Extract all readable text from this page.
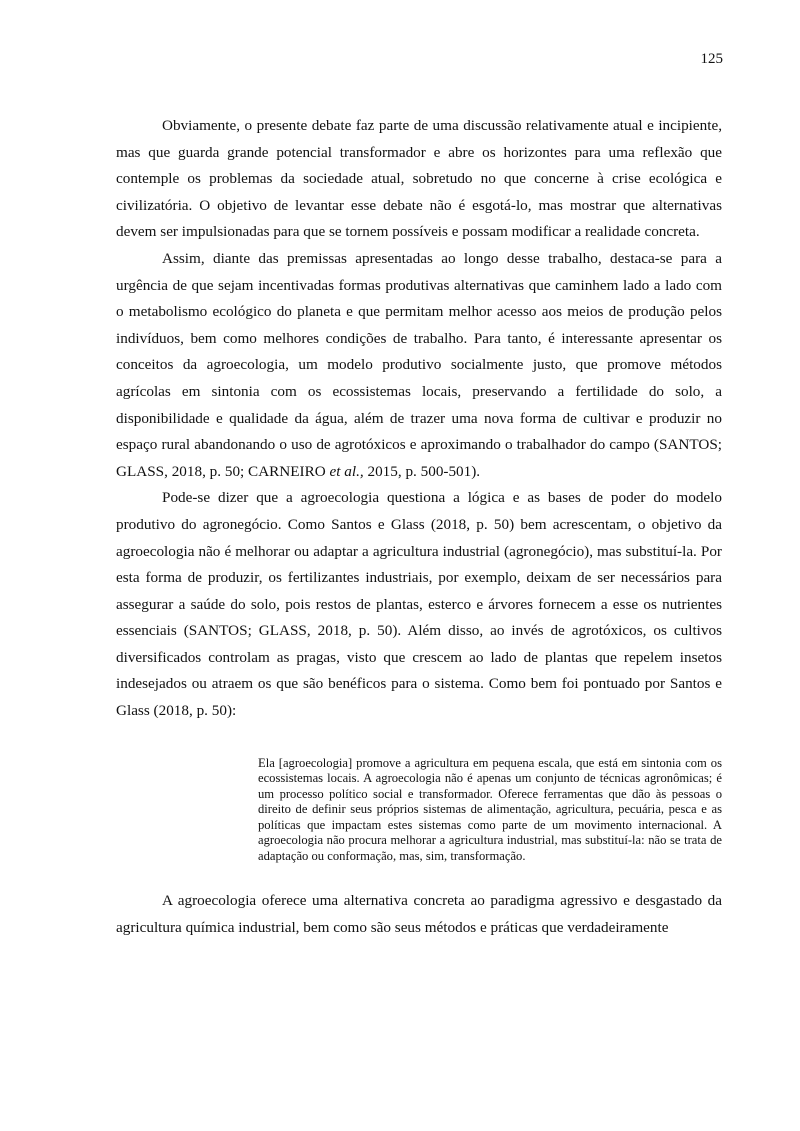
125

Obviamente, o presente debate faz parte de uma discussão relativamente atual e incipiente, mas que guarda grande potencial transformador e abre os horizontes para uma reflexão que contemple os problemas da sociedade atual, sobretudo no que concerne à crise ecológica e civilizatória. O objetivo de levantar esse debate não é esgotá-lo, mas mostrar que alternativas devem ser impulsionadas para que se tornem possíveis e possam modificar a realidade concreta.

Assim, diante das premissas apresentadas ao longo desse trabalho, destaca-se para a urgência de que sejam incentivadas formas produtivas alternativas que caminhem lado a lado com o metabolismo ecológico do planeta e que permitam melhor acesso aos meios de produção pelos indivíduos, bem como melhores condições de trabalho. Para tanto, é interessante apresentar os conceitos da agroecologia, um modelo produtivo socialmente justo, que promove métodos agrícolas em sintonia com os ecossistemas locais, preservando a fertilidade do solo, a disponibilidade e qualidade da água, além de trazer uma nova forma de cultivar e produzir no espaço rural abandonando o uso de agrotóxicos e aproximando o trabalhador do campo (SANTOS; GLASS, 2018, p. 50; CARNEIRO et al., 2015, p. 500-501).

Pode-se dizer que a agroecologia questiona a lógica e as bases de poder do modelo produtivo do agronegócio. Como Santos e Glass (2018, p. 50) bem acrescentam, o objetivo da agroecologia não é melhorar ou adaptar a agricultura industrial (agronegócio), mas substituí-la. Por esta forma de produzir, os fertilizantes industriais, por exemplo, deixam de ser necessários para assegurar a saúde do solo, pois restos de plantas, esterco e árvores fornecem a esse os nutrientes essenciais (SANTOS; GLASS, 2018, p. 50). Além disso, ao invés de agrotóxicos, os cultivos diversificados controlam as pragas, visto que crescem ao lado de plantas que repelem insetos indesejados ou atraem os que são benéficos para o sistema. Como bem foi pontuado por Santos e Glass (2018, p. 50):

Ela [agroecologia] promove a agricultura em pequena escala, que está em sintonia com os ecossistemas locais. A agroecologia não é apenas um conjunto de técnicas agronômicas; é um processo político social e transformador. Oferece ferramentas que dão às pessoas o direito de definir seus próprios sistemas de alimentação, agricultura, pecuária, pesca e as políticas que impactam estes sistemas como parte de um movimento internacional. A agroecologia não procura melhorar a agricultura industrial, mas substituí-la: não se trata de adaptação ou conformação, mas, sim, transformação.

A agroecologia oferece uma alternativa concreta ao paradigma agressivo e desgastado da agricultura química industrial, bem como são seus métodos e práticas que verdadeiramente
